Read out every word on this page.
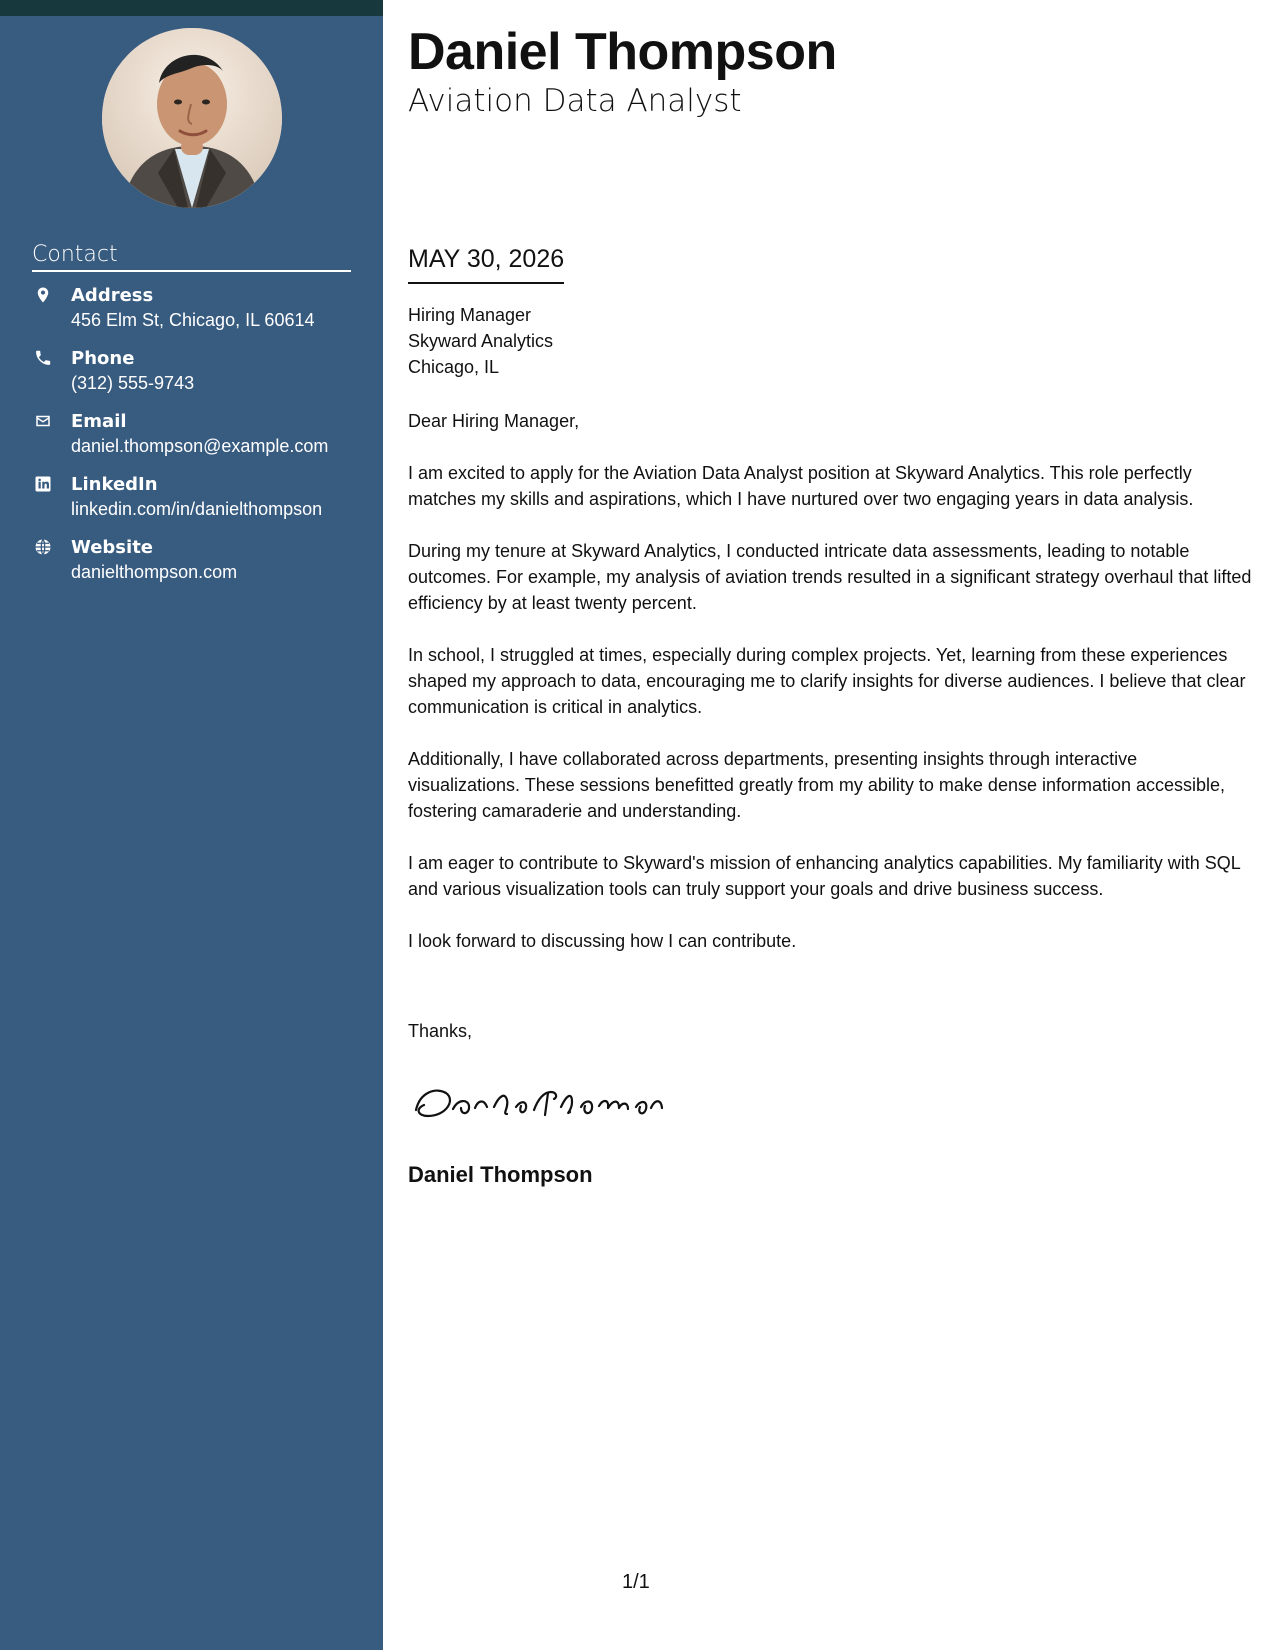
Contact
Address
456 Elm St, Chicago, IL 60614
Phone
(312) 555-9743
Email
daniel.thompson@example.com
LinkedIn
linkedin.com/in/danielthompson
Website
danielthompson.com
Daniel Thompson
Aviation Data Analyst
MAY 30, 2026
Hiring Manager
Skyward Analytics
Chicago, IL
Dear Hiring Manager,

I am excited to apply for the Aviation Data Analyst position at Skyward Analytics. This role perfectly matches my skills and aspirations, which I have nurtured over two engaging years in data analysis.

During my tenure at Skyward Analytics, I conducted intricate data assessments, leading to notable outcomes. For example, my analysis of aviation trends resulted in a significant strategy overhaul that lifted efficiency by at least twenty percent.

In school, I struggled at times, especially during complex projects. Yet, learning from these experiences shaped my approach to data, encouraging me to clarify insights for diverse audiences. I believe that clear communication is critical in analytics.

Additionally, I have collaborated across departments, presenting insights through interactive visualizations. These sessions benefitted greatly from my ability to make dense information accessible, fostering camaraderie and understanding.

I am eager to contribute to Skyward's mission of enhancing analytics capabilities. My familiarity with SQL and various visualization tools can truly support your goals and drive business success.

I look forward to discussing how I can contribute.

Thanks,
Daniel Thompson
1/1
